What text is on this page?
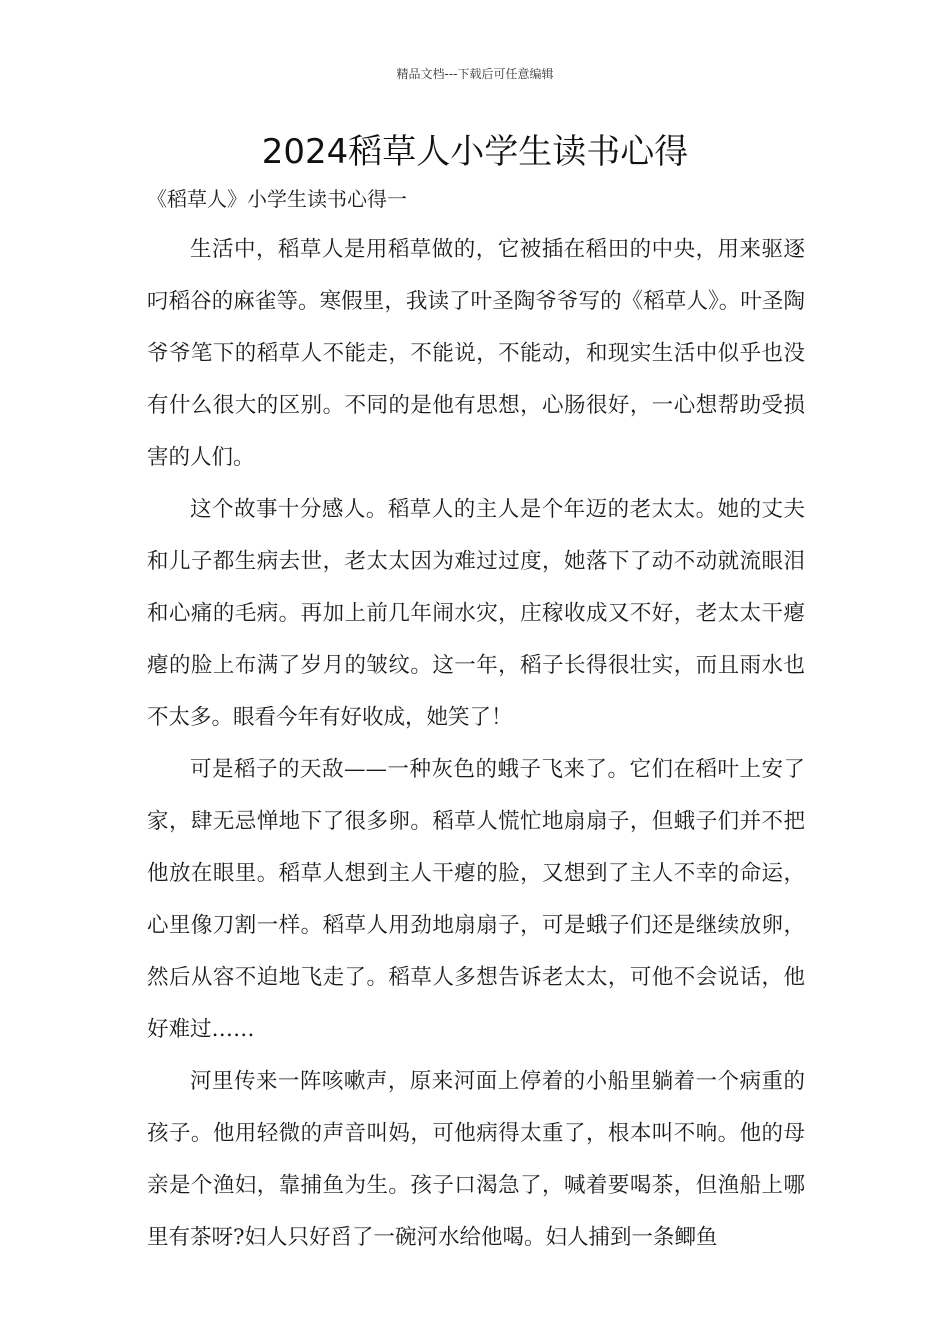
精品文档---下载后可任意编辑
2024稻草人小学生读书心得
《稻草人》小学生读书心得一

生活中，稻草人是用稻草做的，它被插在稻田的中央，用来驱逐叼稻谷的麻雀等。寒假里，我读了叶圣陶爷爷写的《稻草人》。叶圣陶爷爷笔下的稻草人不能走，不能说，不能动，和现实生活中似乎也没有什么很大的区别。不同的是他有思想，心肠很好，一心想帮助受损害的人们。

这个故事十分感人。稻草人的主人是个年迈的老太太。她的丈夫和儿子都生病去世，老太太因为难过过度，她落下了动不动就流眼泪和心痛的毛病。再加上前几年闹水灾，庄稼收成又不好，老太太干瘪瘪的脸上布满了岁月的皱纹。这一年，稻子长得很壮实，而且雨水也不太多。眼看今年有好收成，她笑了！

可是稻子的天敌——一种灰色的蛾子飞来了。它们在稻叶上安了家，肆无忌惮地下了很多卵。稻草人慌忙地扇扇子，但蛾子们并不把他放在眼里。稻草人想到主人干瘪的脸，又想到了主人不幸的命运，心里像刀割一样。稻草人用劲地扇扇子，可是蛾子们还是继续放卵，然后从容不迫地飞走了。稻草人多想告诉老太太，可他不会说话，他好难过……

河里传来一阵咳嗽声，原来河面上停着的小船里躺着一个病重的孩子。他用轻微的声音叫妈，可他病得太重了，根本叫不响。他的母亲是个渔妇，靠捕鱼为生。孩子口渴急了，喊着要喝茶，但渔船上哪里有茶呀?妇人只好舀了一碗河水给他喝。妇人捕到一条鲫鱼
